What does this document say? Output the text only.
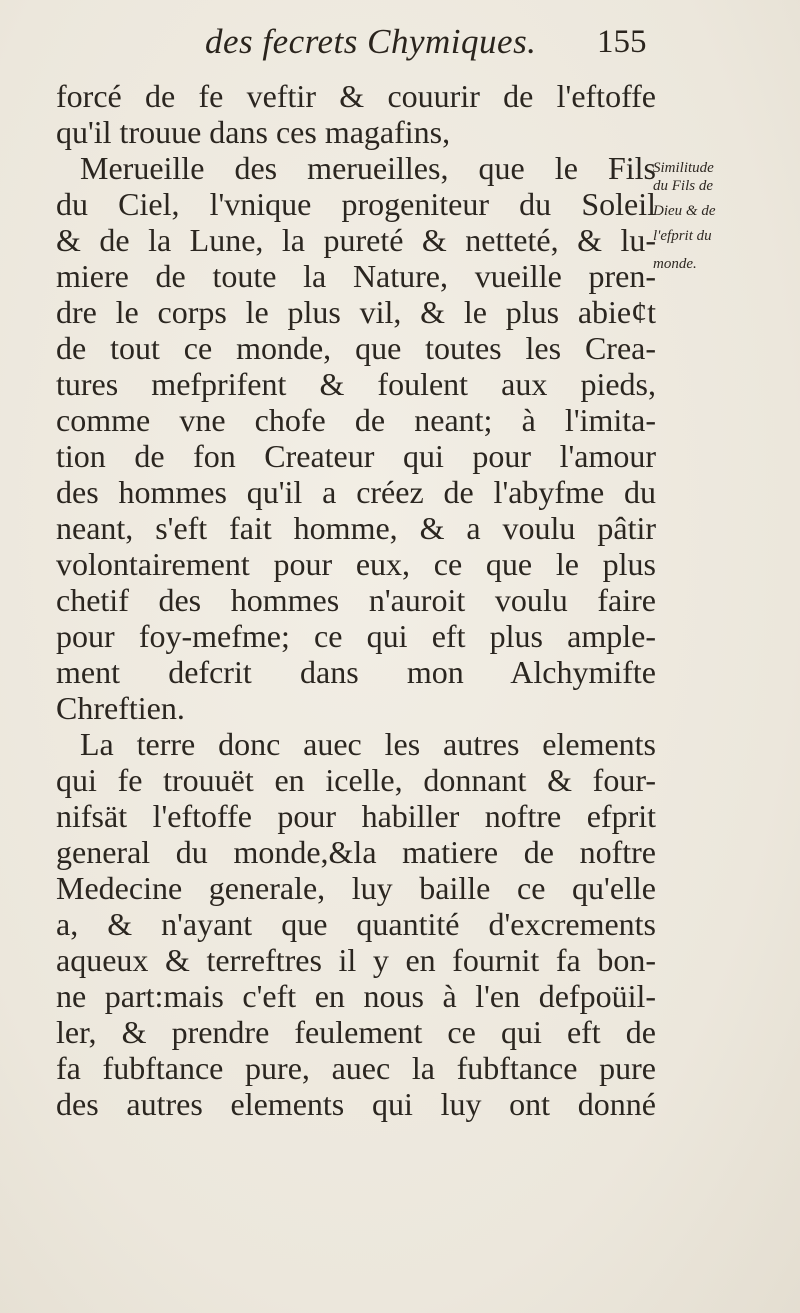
des fecrets Chymiques. 155
forcé de fe veftir & couurir de l'eftoffe
qu'il trouue dans ces magafins,
Merueille des merueilles, que le Fils
du Ciel, l'vnique progeniteur du Soleil
& de la Lune, la pureté & netteté, & lu-
miere de toute la Nature, vueille pren-
dre le corps le plus vil, & le plus abieȼt
de tout ce monde, que toutes les Crea-
tures mefprifent & foulent aux pieds,
comme vne chofe de neant; à l'imita-
tion de fon Createur qui pour l'amour
des hommes qu'il a créez de l'abyfme du
neant, s'eft fait homme, & a voulu pâtir
volontairement pour eux, ce que le plus
chetif des hommes n'auroit voulu faire
pour foy-mefme; ce qui eft plus ample-
ment defcrit dans mon Alchymifte
Chreftien.
La terre donc auec les autres elements
qui fe trouuët en icelle, donnant & four-
nifsät l'eftoffe pour habiller noftre efprit
general du monde,&la matiere de noftre
Medecine generale, luy baille ce qu'elle
a, & n'ayant que quantité d'excrements
aqueux & terreftres il y en fournit fa bon-
ne part:mais c'eft en nous à l'en defpoüil-
ler, & prendre feulement ce qui eft de
fa fubftance pure, auec la fubftance pure
des autres elements qui luy ont donné
Similitude
du Fils de
Dieu & de
l'efprit du
monde.
